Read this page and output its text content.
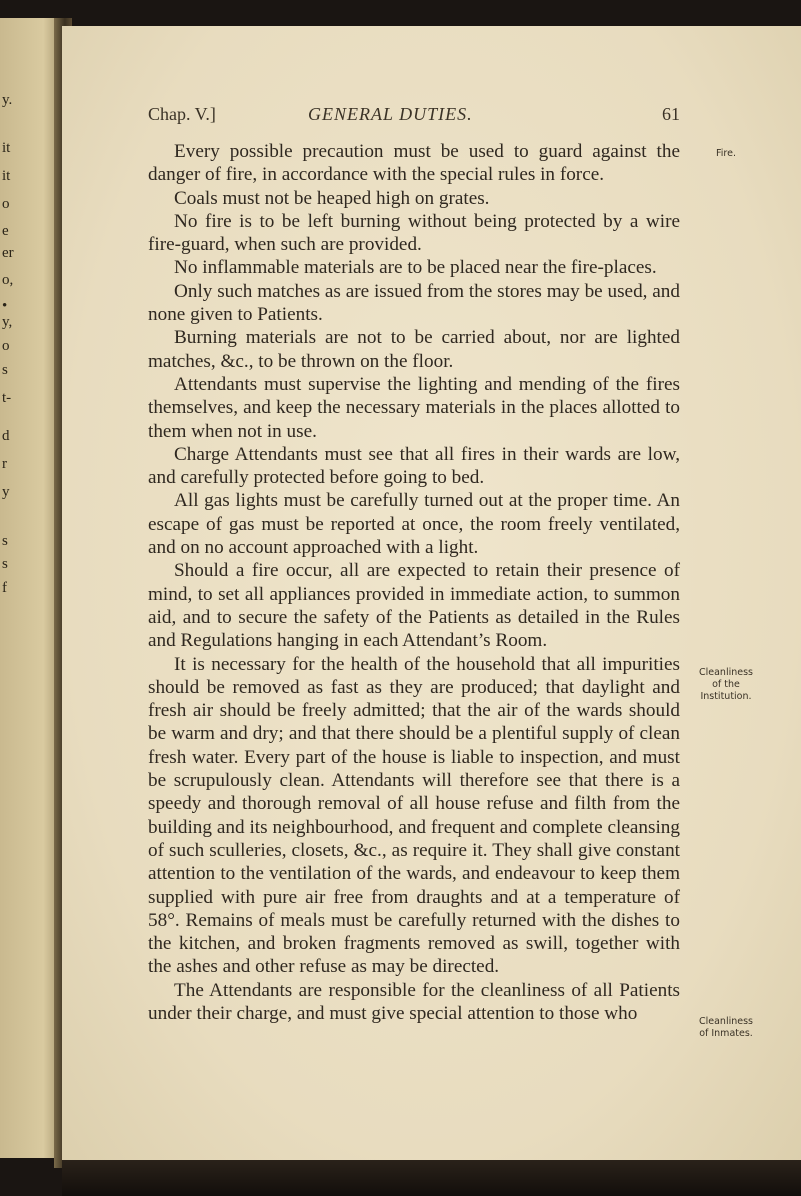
y.
it
it
o
e
er
o,
•
y,
o
s
t-
d
r
y
s
s
f
Chap. V.]	GENERAL DUTIES.	61

Every possible precaution must be used to guard against the danger of fire, in accordance with the special rules in force.

Coals must not be heaped high on grates.

No fire is to be left burning without being protected by a wire fire-guard, when such are provided.

No inflammable materials are to be placed near the fire-places.

Only such matches as are issued from the stores may be used, and none given to Patients.

Burning materials are not to be carried about, nor are lighted matches, &c., to be thrown on the floor.

Attendants must supervise the lighting and mending of the fires themselves, and keep the necessary materials in the places allotted to them when not in use.

Charge Attendants must see that all fires in their wards are low, and carefully protected before going to bed.

All gas lights must be carefully turned out at the proper time. An escape of gas must be reported at once, the room freely ventilated, and on no account approached with a light.

Should a fire occur, all are expected to retain their presence of mind, to set all appliances provided in immediate action, to summon aid, and to secure the safety of the Patients as detailed in the Rules and Regulations hanging in each Attendant’s Room.

It is necessary for the health of the household that all impurities should be removed as fast as they are produced; that daylight and fresh air should be freely admitted; that the air of the wards should be warm and dry; and that there should be a plentiful supply of clean fresh water. Every part of the house is liable to inspection, and must be scrupulously clean. Attendants will therefore see that there is a speedy and thorough removal of all house refuse and filth from the building and its neighbourhood, and frequent and complete cleansing of such sculleries, closets, &c., as require it. They shall give constant attention to the ventilation of the wards, and endeavour to keep them supplied with pure air free from draughts and at a temperature of 58°. Remains of meals must be carefully returned with the dishes to the kitchen, and broken fragments removed as swill, together with the ashes and other refuse as may be directed.

The Attendants are responsible for the cleanliness of all Patients under their charge, and must give special attention to those who

Fire.
Cleanliness
of the
Institution.
Cleanliness
of Inmates.
